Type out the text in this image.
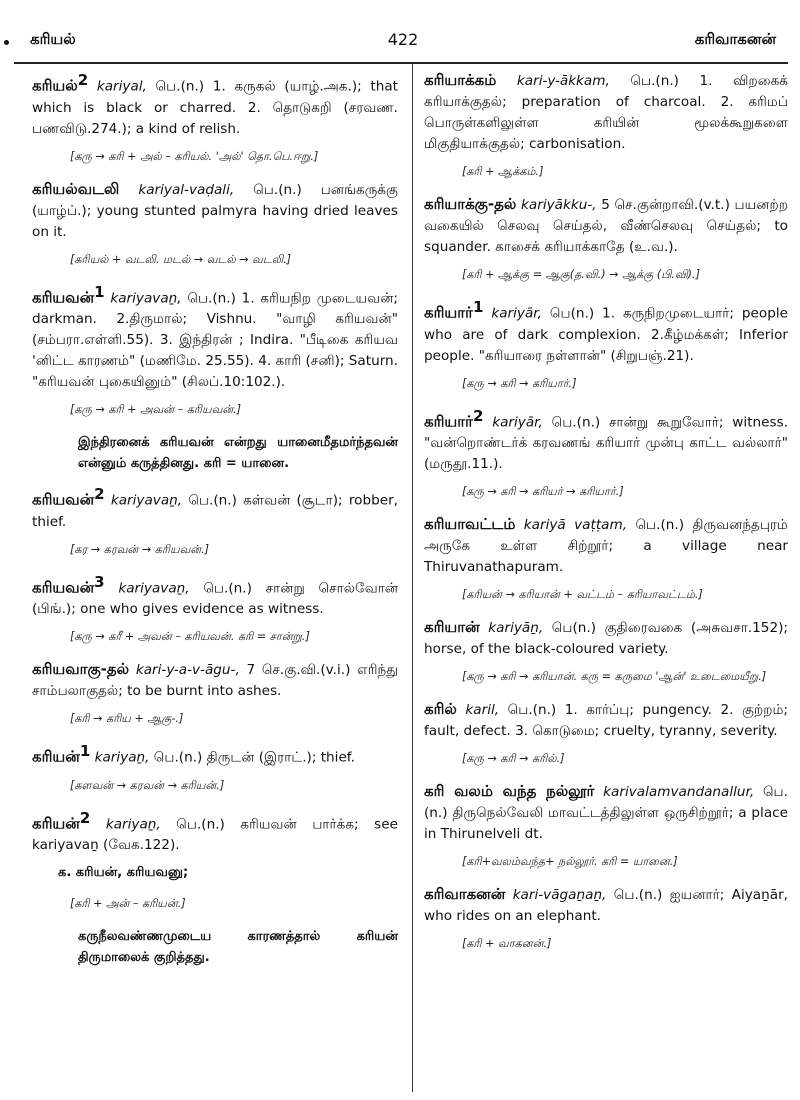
கரியல்	422	கரிவாகனன்
கரியல்$^2$ kariyal, பெ.(n.) 1. கருகல் (யாழ்.அக.); that which is black or charred. 2. தொடுகறி (சரவண. பணவிடு.274.); a kind of relish.
[கரு → கரி + அல் – கரியல். 'அல்' தொ.பெ.ஈறு.]
கரியல்வடலி kariyal-vaḍali, பெ.(n.) பனங்கருக்கு (யாழ்ப்.); young stunted palmyra having dried leaves on it.
[கரியல் + வடலி. மடல் → வடல் → வடலி.]
கரியவன்$^1$ kariyavaṉ, பெ.(n.) 1. கரியநிற முடையவன்; darkman. 2.திருமால்; Vishnu. "வாழி கரியவன்" (சம்பரா.எள்ளி.55). 3. இந்திரன் ; Indira. "பீடிகை கரியவ 'னிட்ட காரணம்" (மணிமே. 25.55). 4. காரி (சனி); Saturn. "கரியவன் புகையினும்" (சிலப்.10:102.).
[கரு → கரி + அவன் – கரியவன்.]
இந்திரனைக் கரியவன் என்றது யானைமீதமர்ந்தவன் என்னும் கருத்தினது. கரி = யானை.
கரியவன்$^2$ kariyavaṉ, பெ.(n.) கள்வன் (சூடா); robber, thief.
[கர → கரவன் → கரியவன்.]
கரியவன்$^3$ kariyavaṉ, பெ.(n.) சான்று சொல்வோன் (பிங்.); one who gives evidence as witness.
[கரு → கரீ + அவன் – கரியவன். கரி = சான்று.]
கரியவாகு-தல் kari-y-a-v-āgu-, 7 செ.கு.வி.(v.i.) எரிந்து சாம்பலாகுதல்; to be burnt into ashes.
[கரி → கரிய + ஆகு-.]
கரியன்$^1$ kariyaṉ, பெ.(n.) திருடன் (இராட்.); thief.
[களவன் → கரவன் → கரியன்.]
கரியன்$^2$ kariyaṉ, பெ.(n.) கரியவன் பார்க்க; see kariyavaṉ (வேக.122).
க. கரியன், கரியவனு;
[கரி + அன் – கரியன்.]
கருநீலவண்ணமுடைய காரணத்தால் கரியன் திருமாலைக் குறித்தது.
கரியாக்கம் kari-y-ākkam, பெ.(n.) 1. விறகைக் கரியாக்குதல்; preparation of charcoal. 2. கரிமப் பொருள்களிலுள்ள கரியின் மூலக்கூறுகளை மிகுதியாக்குதல்; carbonisation.
[கரி + ஆக்கம்.]
கரியாக்கு-தல் kariyākku-, 5 செ.குன்றாவி.(v.t.) பயனற்ற வகையில் செலவு செய்தல், வீண்செலவு செய்தல்; to squander. காசைக் கரியாக்காதே (உ.வ.).
[கரி + ஆக்கு = ஆகு(த.வி.) → ஆக்கு (பி.வி).]
கரியார்$^1$ kariyār, பெ(n.) 1. கருநிறமுடையார்; people who are of dark complexion. 2.கீழ்மக்கள்; Inferior people. "கரியாரை நள்ளான்" (சிறுபஞ்.21).
[கரு → கரி → கரியார்.]
கரியார்$^2$ kariyār, பெ.(n.) சான்று கூறுவோர்; witness. "வன்றொண்டர்க் கரவணங் கரியார் முன்பு காட்ட வல்லார்" (மருதூ.11.).
[கரு → கரி → கரியர் → கரியார்.]
கரியாவட்டம் kariyā vaṭṭam, பெ.(n.) திருவனந்தபுரம் அருகே உள்ள சிற்றூர்; a village near Thiruvanathapuram.
[கரியன் → கரியான் + வட்டம் – கரியாவட்டம்.]
கரியான் kariyāṉ, பெ(n.) குதிரைவகை (அசுவசா.152); horse, of the black-coloured variety.
[கரு → கரி → கரியான். கரு = கருமை 'ஆன்' உடைமையீறு.]
கரில் karil, பெ.(n.) 1. கார்ப்பு; pungency. 2. குற்றம்; fault, defect. 3. கொடுமை; cruelty, tyranny, severity.
[கரு → கரி → கரில்.]
கரி வலம் வந்த நல்லூர் karivalamvandanallur, பெ.(n.) திருநெல்வேலி மாவட்டத்திலுள்ள ஒருசிற்றூர்; a place in Thirunelveli dt.
[கரி+வலம்வந்த+ நல்லூர். கரி = யானை.]
கரிவாகனன் kari-vāgaṉaṉ, பெ.(n.) ஐயனார்; Aiyaṉār, who rides on an elephant.
[கரி + வாகனன்.]
